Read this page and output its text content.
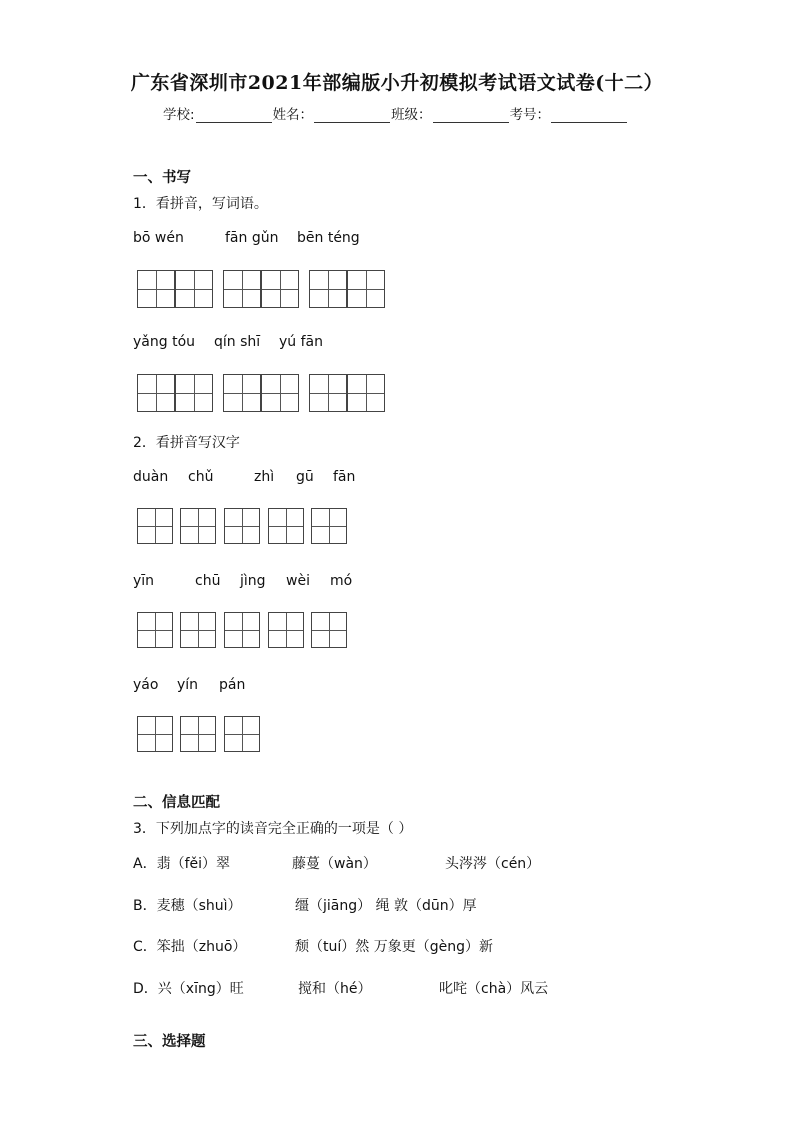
广东省深圳市2021年部编版小升初模拟考试语文试卷(十二）
学校:	姓名：	班级：	考号：
一、书写
1．看拼音，写词语。
bō wén	fān gǔn bēn téng
yǎng tóu qín shī yú fān
2．看拼音写汉字
duàn chǔ	zhì gū fān
yīn	chū jìng wèi mó
yáo yín pán
二、信息匹配
3．下列加点字的读音完全正确的一项是（ ）
A．翡（fěi）翠	藤蔓（wàn）	头涔涔（cén）
B．麦穗（shuì）	缰（jiāng） 绳 敦（dūn）厚
C．笨拙（zhuō）	颓（tuí）然 万象更（gèng）新
D．兴（xīng）旺	搅和（hé）	叱咤（chà）风云
三、选择题
